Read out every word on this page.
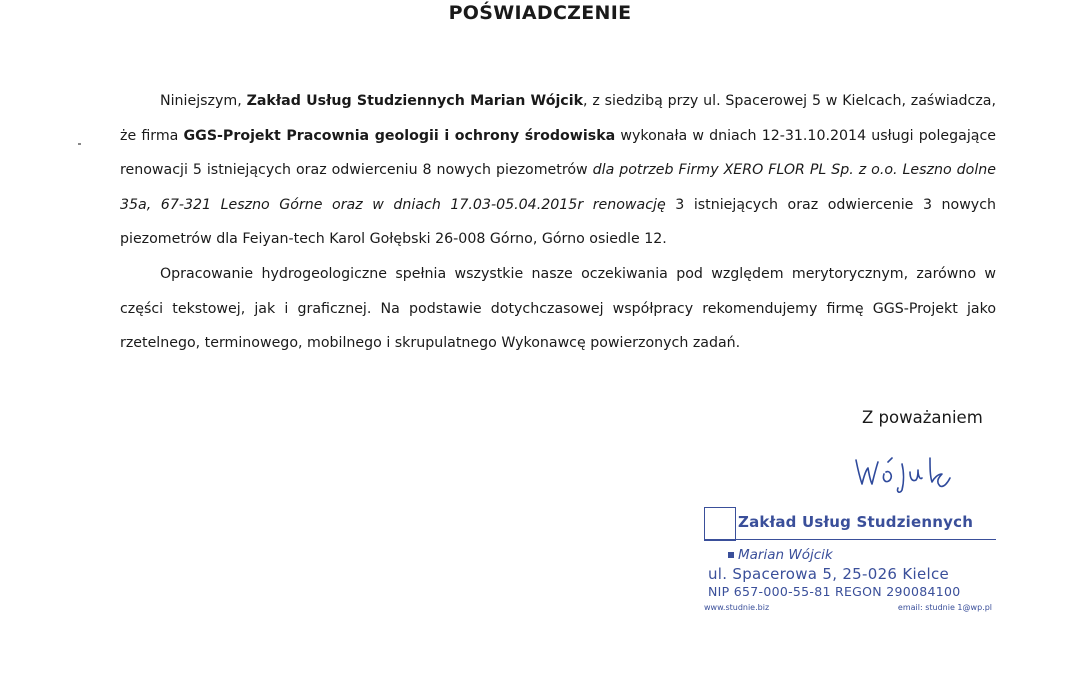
POŚWIADCZENIE

Niniejszym, Zakład Usług Studziennych Marian Wójcik, z siedzibą przy ul. Spacerowej 5 w Kielcach, zaświadcza, że firma GGS-Projekt Pracownia geologii i ochrony środowiska wykonała w dniach 12-31.10.2014 usługi polegające renowacji 5 istniejących oraz odwierceniu 8 nowych piezometrów dla potrzeb Firmy XERO FLOR PL Sp. z o.o. Leszno dolne 35a, 67-321 Leszno Górne oraz w dniach 17.03-05.04.2015r renowację 3 istniejących oraz odwiercenie 3 nowych piezometrów dla Feiyan-tech Karol Gołębski 26-008 Górno, Górno osiedle 12.

Opracowanie hydrogeologiczne spełnia wszystkie nasze oczekiwania pod względem merytorycznym, zarówno w części tekstowej, jak i graficznej. Na podstawie dotychczasowej współpracy rekomendujemy firmę GGS-Projekt jako rzetelnego, terminowego, mobilnego i skrupulatnego Wykonawcę powierzonych zadań.

Z poważaniem
Zakład Usług Studziennych
Marian Wójcik
ul. Spacerowa 5, 25-026 Kielce
NIP 657-000-55-81 REGON 290084100
www.studnie.biz	email: studnie 1@wp.pl
